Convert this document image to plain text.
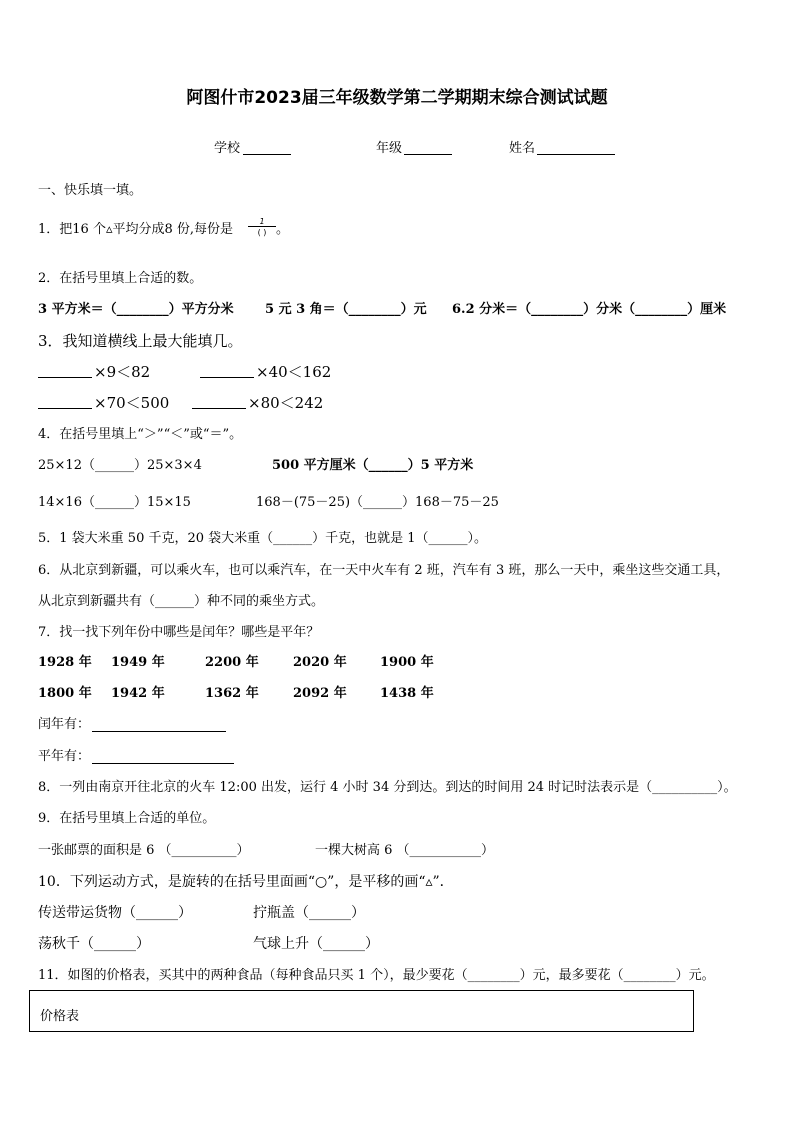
阿图什市2023届三年级数学第二学期期末综合测试试题
学校	年级	姓名
一、快乐填一填。
1．把16 个▵平均分成8 份,每份是
1
( ) 。
2．在括号里填上合适的数。
3 平方米＝（________）平方分米 5 元 3 角＝（________）元 6.2 分米＝（________）分米（________）厘米
3．我知道横线上最大能填几。
×9＜82	×40＜162
×70＜500	×80＜242
4．在括号里填上“＞”“＜”或“＝”。
25×12（______）25×3×4	500 平方厘米（______）5 平方米
14×16（______）15×15	168－(75－25)（______）168－75－25
5．1 袋大米重 50 千克，20 袋大米重（______）千克，也就是 1（______）。
6．从北京到新疆，可以乘火车，也可以乘汽车，在一天中火车有 2 班，汽车有 3 班，那么一天中，乘坐这些交通工具，
从北京到新疆共有（______）种不同的乘坐方式。
7．找一找下列年份中哪些是闰年？哪些是平年？
1928 年 1949 年	2200 年	2020 年	1900 年
1800 年 1942 年	1362 年	2092 年	1438 年
闰年有：
平年有：
8．一列由南京开往北京的火车 12:00 出发，运行 4 小时 34 分到达。到达的时间用 24 时记时法表示是（__________）。
9．在括号里填上合适的单位。
一张邮票的面积是 6 （__________）	一棵大树高 6 （___________）
10．下列运动方式，是旋转的在括号里面画“○”，是平移的画“▵”．
传送带运货物（______）	拧瓶盖（______）
荡秋千（______）	气球上升（______）
11．如图的价格表，买其中的两种食品（每种食品只买 1 个），最少要花（________）元，最多要花（________）元。
价格表
